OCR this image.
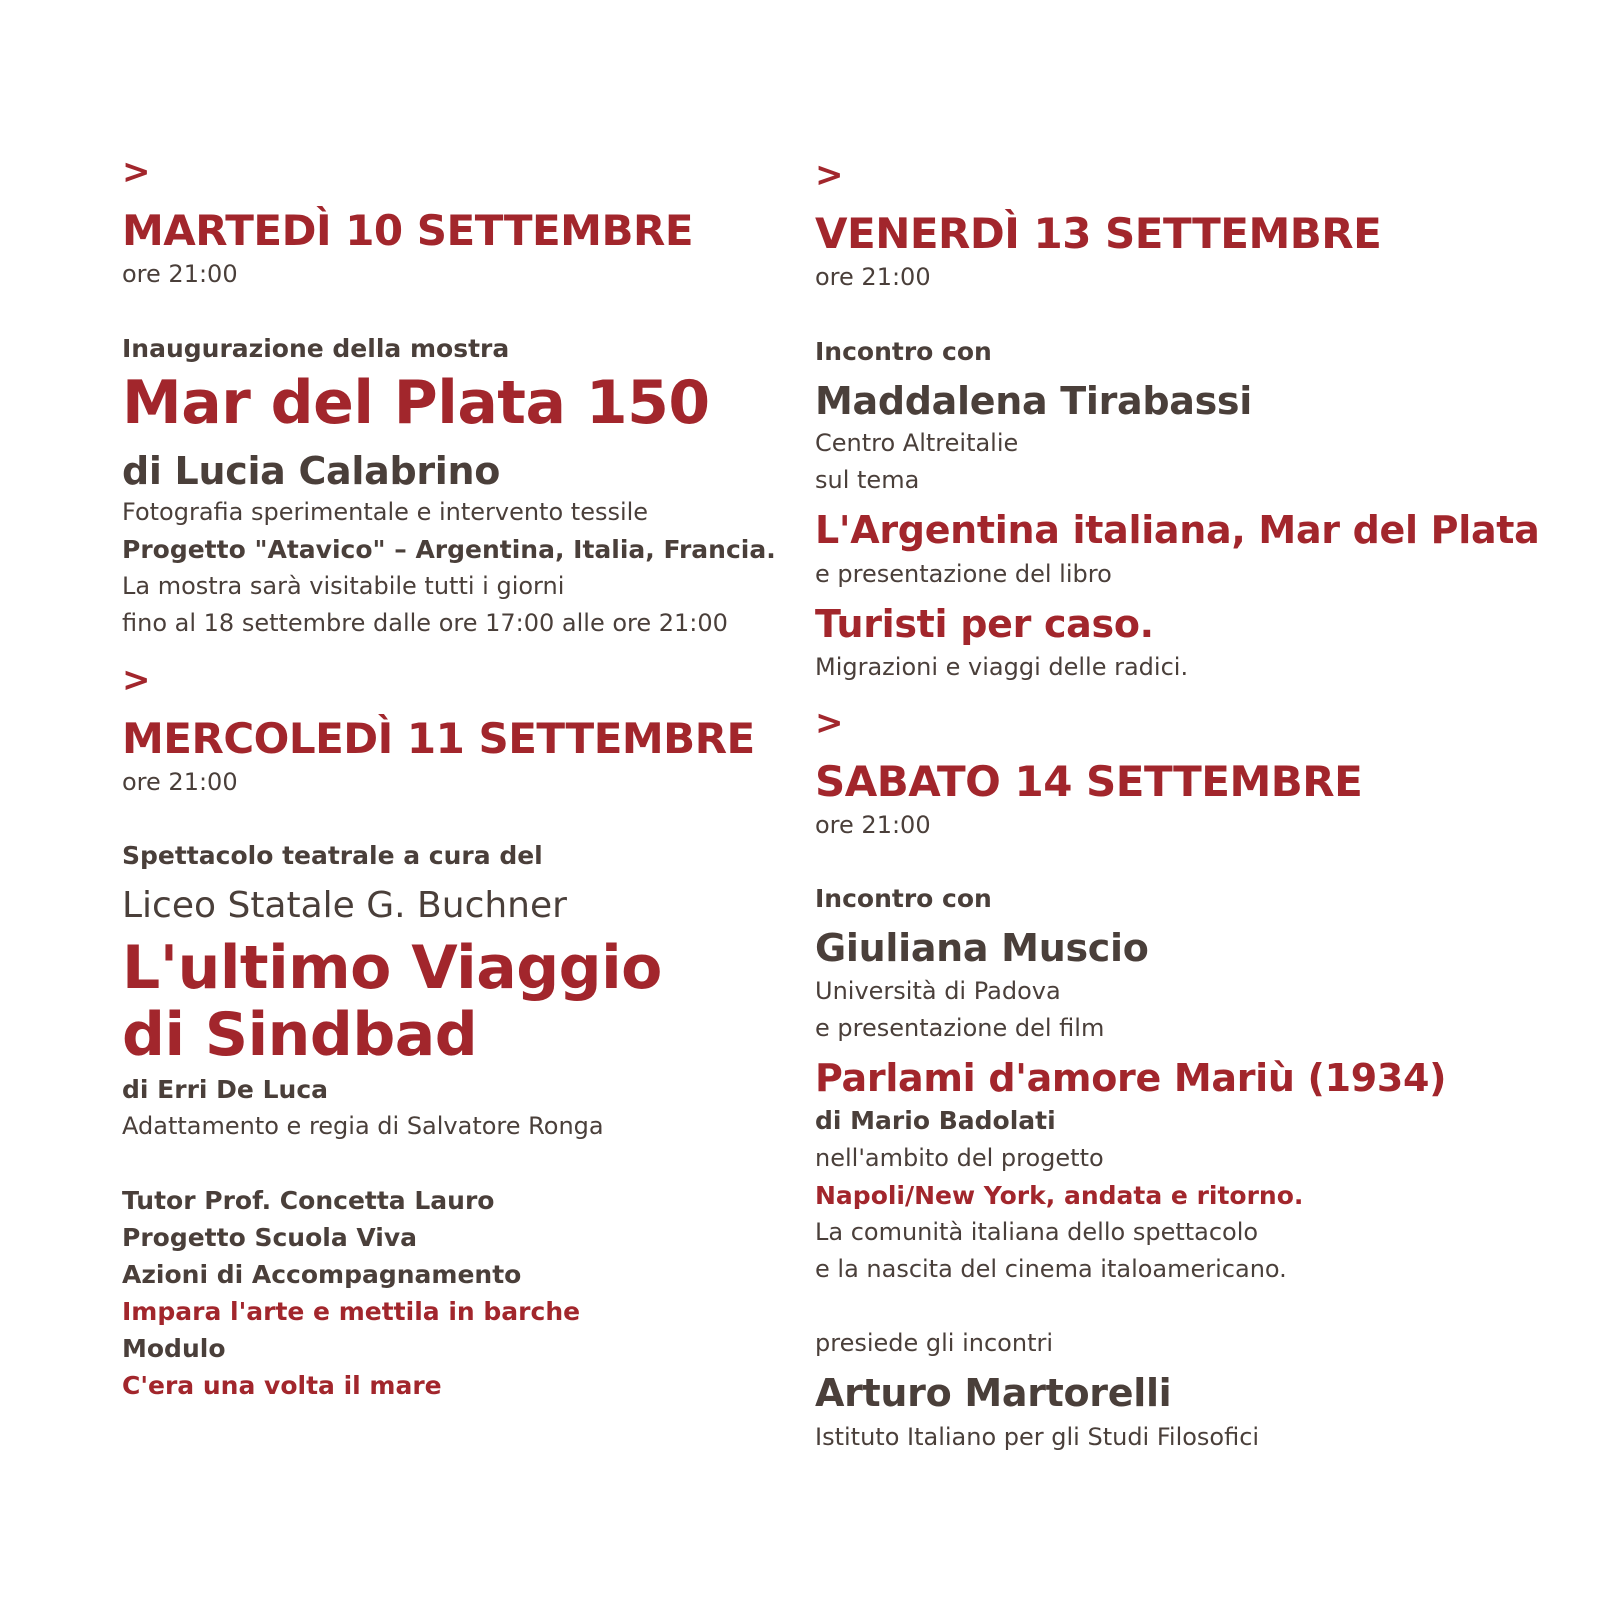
>
MARTEDÌ 10 SETTEMBRE
ore 21:00
Inaugurazione della mostra
Mar del Plata 150
di Lucia Calabrino
Fotografia sperimentale e intervento tessile
Progetto "Atavico" – Argentina, Italia, Francia.
La mostra sarà visitabile tutti i giorni
fino al 18 settembre dalle ore 17:00 alle ore 21:00
>
MERCOLEDÌ 11 SETTEMBRE
ore 21:00
Spettacolo teatrale a cura del
Liceo Statale G. Buchner
L'ultimo Viaggio
di Sindbad
di Erri De Luca
Adattamento e regia di Salvatore Ronga
Tutor Prof. Concetta Lauro
Progetto Scuola Viva
Azioni di Accompagnamento
Impara l'arte e mettila in barche
Modulo
C'era una volta il mare
>
VENERDÌ 13 SETTEMBRE
ore 21:00
Incontro con
Maddalena Tirabassi
Centro Altreitalie
sul tema
L'Argentina italiana, Mar del Plata
e presentazione del libro
Turisti per caso.
Migrazioni e viaggi delle radici.
>
SABATO 14 SETTEMBRE
ore 21:00
Incontro con
Giuliana Muscio
Università di Padova
e presentazione del film
Parlami d'amore Mariù (1934)
di Mario Badolati
nell'ambito del progetto
Napoli/New York, andata e ritorno.
La comunità italiana dello spettacolo
e la nascita del cinema italoamericano.
presiede gli incontri
Arturo Martorelli
Istituto Italiano per gli Studi Filosofici
